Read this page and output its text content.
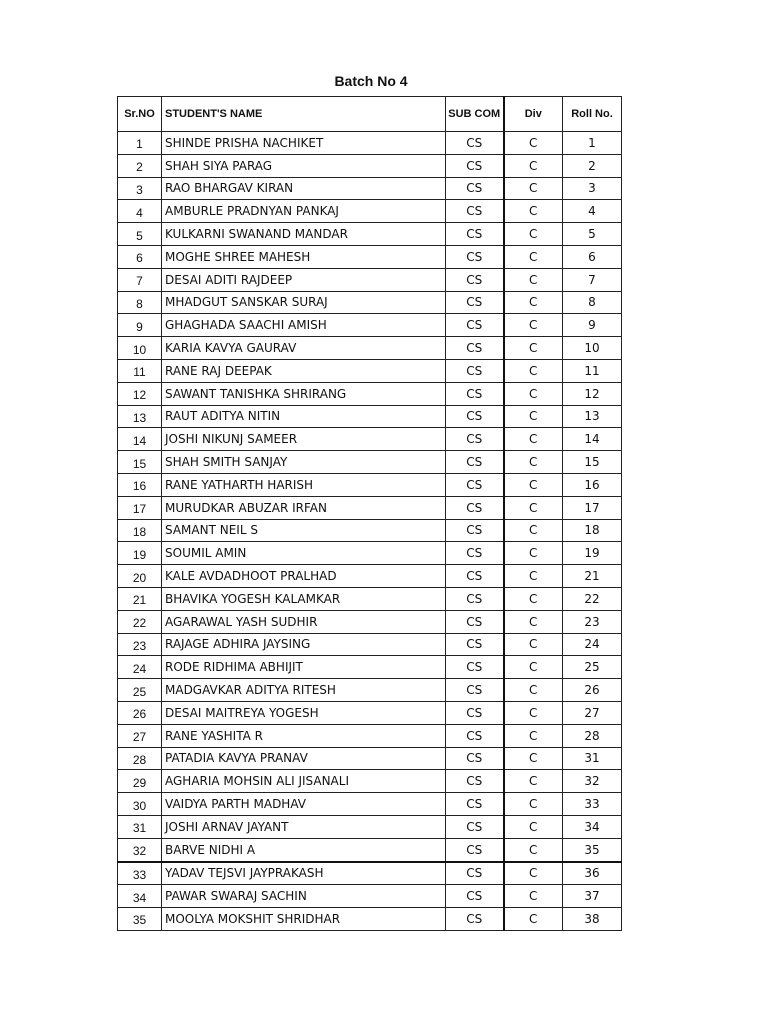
Batch No 4
Sr.NO	STUDENT'S NAME	SUB COM	Div	Roll No.
1	SHINDE PRISHA NACHIKET	CS	C	1
2	SHAH SIYA PARAG	CS	C	2
3	RAO BHARGAV KIRAN	CS	C	3
4	AMBURLE PRADNYAN PANKAJ	CS	C	4
5	KULKARNI SWANAND MANDAR	CS	C	5
6	MOGHE SHREE MAHESH	CS	C	6
7	DESAI ADITI RAJDEEP	CS	C	7
8	MHADGUT SANSKAR SURAJ	CS	C	8
9	GHAGHADA SAACHI AMISH	CS	C	9
10	KARIA KAVYA GAURAV	CS	C	10
11	RANE RAJ DEEPAK	CS	C	11
12	SAWANT TANISHKA SHRIRANG	CS	C	12
13	RAUT ADITYA NITIN	CS	C	13
14	JOSHI NIKUNJ SAMEER	CS	C	14
15	SHAH SMITH SANJAY	CS	C	15
16	RANE YATHARTH HARISH	CS	C	16
17	MURUDKAR ABUZAR IRFAN	CS	C	17
18	SAMANT NEIL S	CS	C	18
19	SOUMIL AMIN	CS	C	19
20	KALE AVDADHOOT PRALHAD	CS	C	21
21	BHAVIKA YOGESH KALAMKAR	CS	C	22
22	AGARAWAL YASH SUDHIR	CS	C	23
23	RAJAGE ADHIRA JAYSING	CS	C	24
24	RODE RIDHIMA ABHIJIT	CS	C	25
25	MADGAVKAR ADITYA RITESH	CS	C	26
26	DESAI MAITREYA YOGESH	CS	C	27
27	RANE YASHITA R	CS	C	28
28	PATADIA KAVYA PRANAV	CS	C	31
29	AGHARIA MOHSIN ALI JISANALI	CS	C	32
30	VAIDYA PARTH MADHAV	CS	C	33
31	JOSHI ARNAV JAYANT	CS	C	34
32	BARVE NIDHI A	CS	C	35
33	YADAV TEJSVI JAYPRAKASH	CS	C	36
34	PAWAR SWARAJ SACHIN	CS	C	37
35	MOOLYA MOKSHIT SHRIDHAR	CS	C	38
